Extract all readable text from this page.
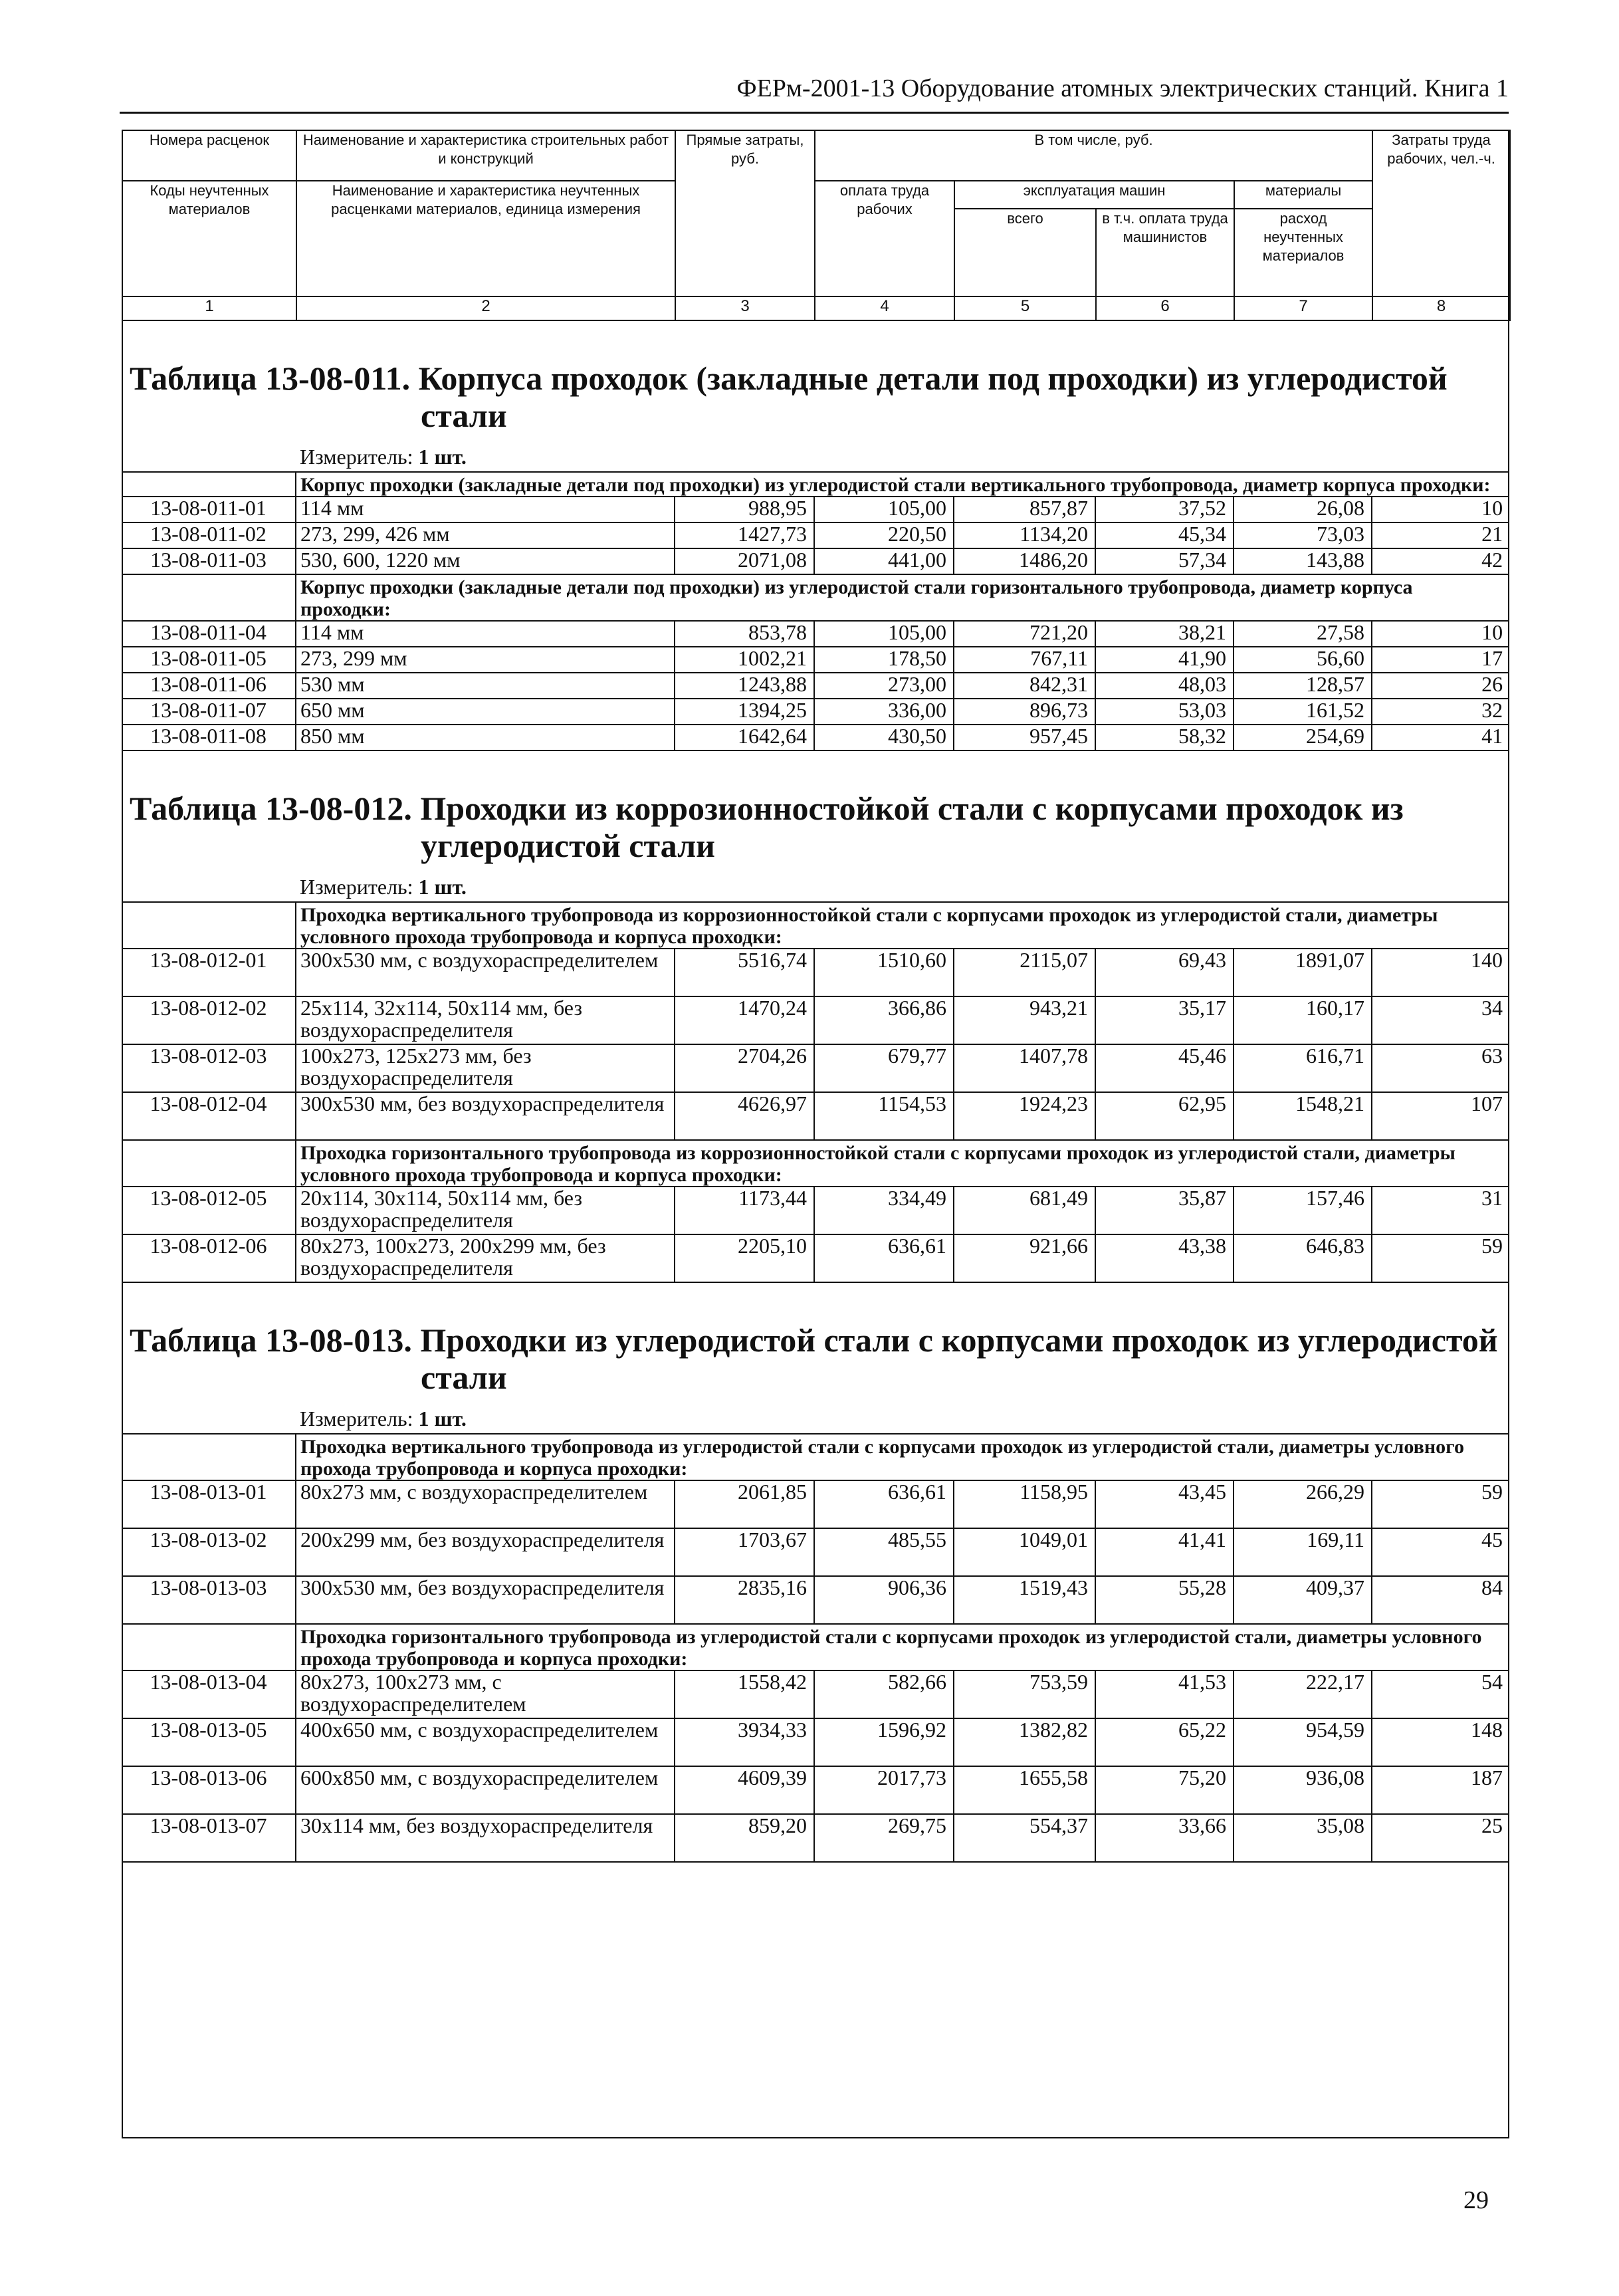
ФЕРм-2001-13 Оборудование атомных электрических станций. Книга 1
Номера расценок	Наименование и характеристика строительных работ и конструкций	Прямые затраты, руб.	В том числе, руб.				Затраты труда рабочих, чел.-ч.
Коды неучтенных материалов	Наименование и характеристика неучтенных расценками материалов, единица измерения		оплата труда рабочих	эксплуатация машин		материалы	
				всего	в т.ч. оплата труда машинистов	расход неучтенных материалов	
1	2	3	4	5	6	7	8
Таблица 13-08-011. Корпуса проходок (закладные детали под проходки) из углеродистой
стали
Измеритель: 1 шт.
	Корпус проходки (закладные детали под проходки) из углеродистой стали вертикального трубопровода, диаметр корпуса проходки:						
13-08-011-01	114 мм	988,95	105,00	857,87	37,52	26,08	10
13-08-011-02	273, 299, 426 мм	1427,73	220,50	1134,20	45,34	73,03	21
13-08-011-03	530, 600, 1220 мм	2071,08	441,00	1486,20	57,34	143,88	42
	Корпус проходки (закладные детали под проходки) из углеродистой стали горизонтального трубопровода, диаметр корпуса проходки:						
13-08-011-04	114 мм	853,78	105,00	721,20	38,21	27,58	10
13-08-011-05	273, 299 мм	1002,21	178,50	767,11	41,90	56,60	17
13-08-011-06	530 мм	1243,88	273,00	842,31	48,03	128,57	26
13-08-011-07	650 мм	1394,25	336,00	896,73	53,03	161,52	32
13-08-011-08	850 мм	1642,64	430,50	957,45	58,32	254,69	41
Таблица 13-08-012. Проходки из коррозионностойкой стали с корпусами проходок из
углеродистой стали
Измеритель: 1 шт.
	Проходка вертикального трубопровода из коррозионностойкой стали с корпусами проходок из углеродистой стали, диаметры условного прохода трубопровода и корпуса проходки:						
13-08-012-01	300х530 мм, с воздухораспределителем	5516,74	1510,60	2115,07	69,43	1891,07	140
13-08-012-02	25х114, 32х114, 50х114 мм, без воздухораспределителя	1470,24	366,86	943,21	35,17	160,17	34
13-08-012-03	100х273, 125х273 мм, без воздухораспределителя	2704,26	679,77	1407,78	45,46	616,71	63
13-08-012-04	300х530 мм, без воздухораспределителя	4626,97	1154,53	1924,23	62,95	1548,21	107
	Проходка горизонтального трубопровода из коррозионностойкой стали с корпусами проходок из углеродистой стали, диаметры условного прохода трубопровода и корпуса проходки:						
13-08-012-05	20х114, 30х114, 50х114 мм, без воздухораспределителя	1173,44	334,49	681,49	35,87	157,46	31
13-08-012-06	80х273, 100х273, 200х299 мм, без воздухораспределителя	2205,10	636,61	921,66	43,38	646,83	59
Таблица 13-08-013. Проходки из углеродистой стали с корпусами проходок из углеродистой
стали
Измеритель: 1 шт.
	Проходка вертикального трубопровода из углеродистой стали с корпусами проходок из углеродистой стали, диаметры условного прохода трубопровода и корпуса проходки:						
13-08-013-01	80х273 мм, с воздухораспределителем	2061,85	636,61	1158,95	43,45	266,29	59
13-08-013-02	200х299 мм, без воздухораспределителя	1703,67	485,55	1049,01	41,41	169,11	45
13-08-013-03	300х530 мм, без воздухораспределителя	2835,16	906,36	1519,43	55,28	409,37	84
	Проходка горизонтального трубопровода из углеродистой стали с корпусами проходок из углеродистой стали, диаметры условного прохода трубопровода и корпуса проходки:						
13-08-013-04	80х273, 100х273 мм, с воздухораспределителем	1558,42	582,66	753,59	41,53	222,17	54
13-08-013-05	400х650 мм, с воздухораспределителем	3934,33	1596,92	1382,82	65,22	954,59	148
13-08-013-06	600х850 мм, с воздухораспределителем	4609,39	2017,73	1655,58	75,20	936,08	187
13-08-013-07	30х114 мм, без воздухораспределителя	859,20	269,75	554,37	33,66	35,08	25
29
